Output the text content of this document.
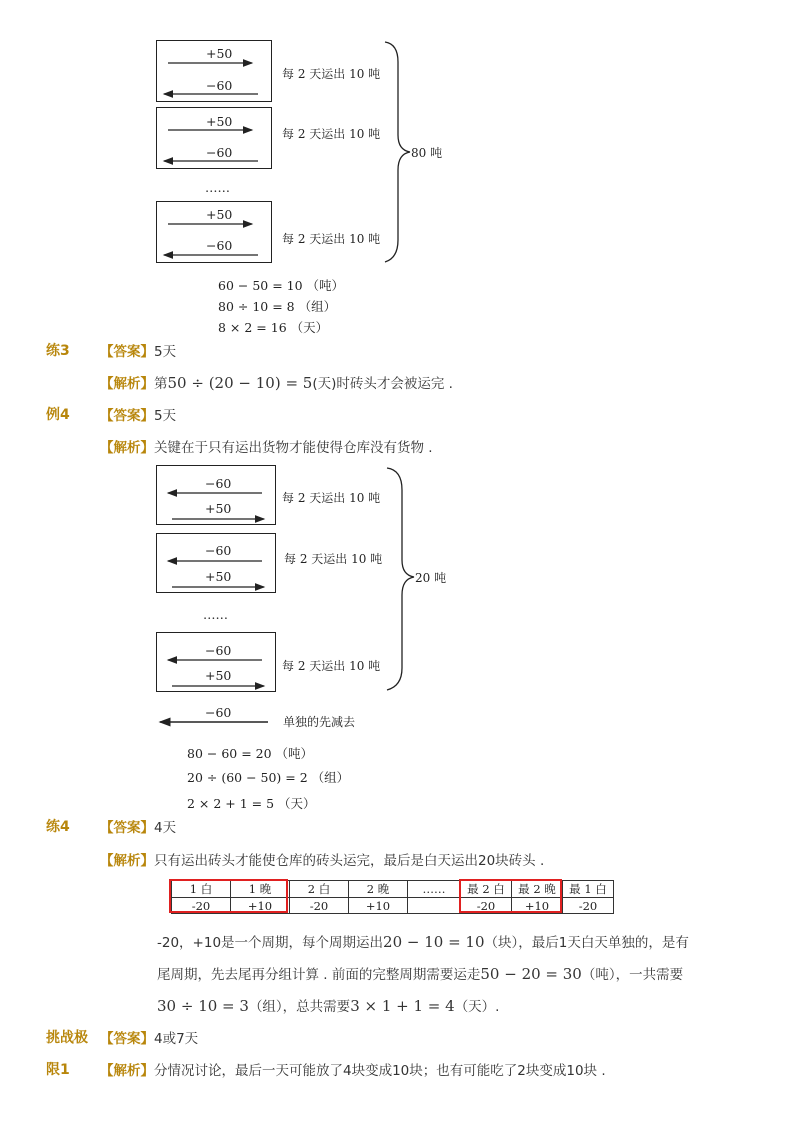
+50
−60
+50
−60
+50
−60
每 2 天运出 10 吨
每 2 天运出 10 吨
每 2 天运出 10 吨
……
80 吨
60 − 50 = 10 （吨）
80 ÷ 10 = 8 （组）
8 × 2 = 16 （天）
练3 【答案】5天
【解析】第50 ÷ (20 − 10) = 5(天)时砖头才会被运完 .
例4 【答案】5天
【解析】关键在于只有运出货物才能使得仓库没有货物 .
−60
+50
−60
+50
−60
+50
每 2 天运出 10 吨
每 2 天运出 10 吨
每 2 天运出 10 吨
……
20 吨
−60
单独的先减去
80 − 60 = 20 （吨）
20 ÷ (60 − 50) = 2 （组）
2 × 2 + 1 = 5 （天）
练4 【答案】4天
【解析】只有运出砖头才能使仓库的砖头运完，最后是白天运出20块砖头 .
1 白	1 晚	2 白	2 晚	……	最 2 白	最 2 晚	最 1 白
-20	+10	-20	+10		-20	+10	-20
-20，+10是一个周期，每个周期运出20 − 10 = 10（块），最后1天白天单独的，是有
尾周期，先去尾再分组计算 . 前面的完整周期需要运走50 − 20 = 30（吨），一共需要
30 ÷ 10 = 3（组），总共需要3 × 1 + 1 = 4（天）.
挑战极 【答案】4或7天
限1 【解析】分情况讨论，最后一天可能放了4块变成10块；也有可能吃了2块变成10块 .
